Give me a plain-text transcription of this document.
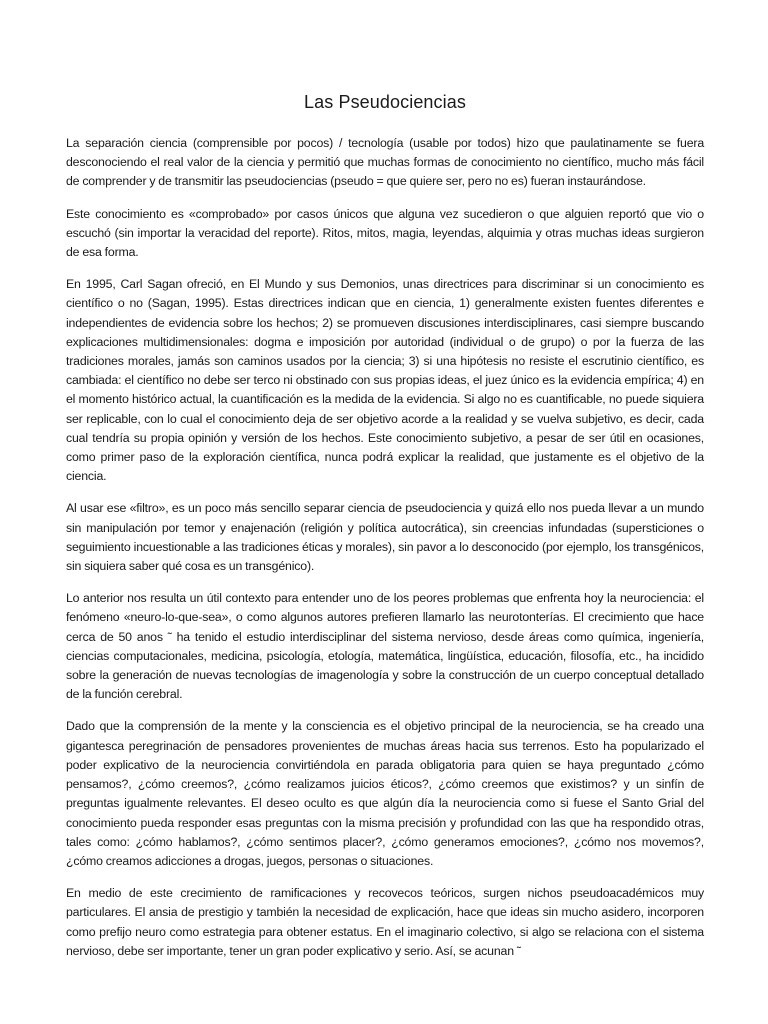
Las Pseudociencias

La separación ciencia (comprensible por pocos) / tecnología (usable por todos) hizo que paulatinamente se fuera desconociendo el real valor de la ciencia y permitió que muchas formas de conocimiento no científico, mucho más fácil de comprender y de transmitir las pseudociencias (pseudo = que quiere ser, pero no es) fueran instaurándose.

Este conocimiento es «comprobado» por casos únicos que alguna vez sucedieron o que alguien reportó que vio o escuchó (sin importar la veracidad del reporte). Ritos, mitos, magia, leyendas, alquimia y otras muchas ideas surgieron de esa forma.

En 1995, Carl Sagan ofreció, en El Mundo y sus Demonios, unas directrices para discriminar si un conocimiento es científico o no (Sagan, 1995). Estas directrices indican que en ciencia, 1) generalmente existen fuentes diferentes e independientes de evidencia sobre los hechos; 2) se promueven discusiones interdisciplinares, casi siempre buscando explicaciones multidimensionales: dogma e imposición por autoridad (individual o de grupo) o por la fuerza de las tradiciones morales, jamás son caminos usados por la ciencia; 3) si una hipótesis no resiste el escrutinio científico, es cambiada: el científico no debe ser terco ni obstinado con sus propias ideas, el juez único es la evidencia empírica; 4) en el momento histórico actual, la cuantificación es la medida de la evidencia. Si algo no es cuantificable, no puede siquiera ser replicable, con lo cual el conocimiento deja de ser objetivo acorde a la realidad y se vuelva subjetivo, es decir, cada cual tendría su propia opinión y versión de los hechos. Este conocimiento subjetivo, a pesar de ser útil en ocasiones, como primer paso de la exploración científica, nunca podrá explicar la realidad, que justamente es el objetivo de la ciencia.

Al usar ese «filtro», es un poco más sencillo separar ciencia de pseudociencia y quizá ello nos pueda llevar a un mundo sin manipulación por temor y enajenación (religión y política autocrática), sin creencias infundadas (supersticiones o seguimiento incuestionable a las tradiciones éticas y morales), sin pavor a lo desconocido (por ejemplo, los transgénicos, sin siquiera saber qué cosa es un transgénico).

Lo anterior nos resulta un útil contexto para entender uno de los peores problemas que enfrenta hoy la neurociencia: el fenómeno «neuro-lo-que-sea», o como algunos autores prefieren llamarlo las neurotonterías. El crecimiento que hace cerca de 50 anos ˜ ha tenido el estudio interdisciplinar del sistema nervioso, desde áreas como química, ingeniería, ciencias computacionales, medicina, psicología, etología, matemática, lingüística, educación, filosofía, etc., ha incidido sobre la generación de nuevas tecnologías de imagenología y sobre la construcción de un cuerpo conceptual detallado de la función cerebral.

Dado que la comprensión de la mente y la consciencia es el objetivo principal de la neurociencia, se ha creado una gigantesca peregrinación de pensadores provenientes de muchas áreas hacia sus terrenos. Esto ha popularizado el poder explicativo de la neurociencia convirtiéndola en parada obligatoria para quien se haya preguntado ¿cómo pensamos?, ¿cómo creemos?, ¿cómo realizamos juicios éticos?, ¿cómo creemos que existimos? y un sinfín de preguntas igualmente relevantes. El deseo oculto es que algún día la neurociencia como si fuese el Santo Grial del conocimiento pueda responder esas preguntas con la misma precisión y profundidad con las que ha respondido otras, tales como: ¿cómo hablamos?, ¿cómo sentimos placer?, ¿cómo generamos emociones?, ¿cómo nos movemos?, ¿cómo creamos adicciones a drogas, juegos, personas o situaciones.

En medio de este crecimiento de ramificaciones y recovecos teóricos, surgen nichos pseudoacadémicos muy particulares. El ansia de prestigio y también la necesidad de explicación, hace que ideas sin mucho asidero, incorporen como prefijo neuro como estrategia para obtener estatus. En el imaginario colectivo, si algo se relaciona con el sistema nervioso, debe ser importante, tener un gran poder explicativo y serio. Así, se acunan ˜
